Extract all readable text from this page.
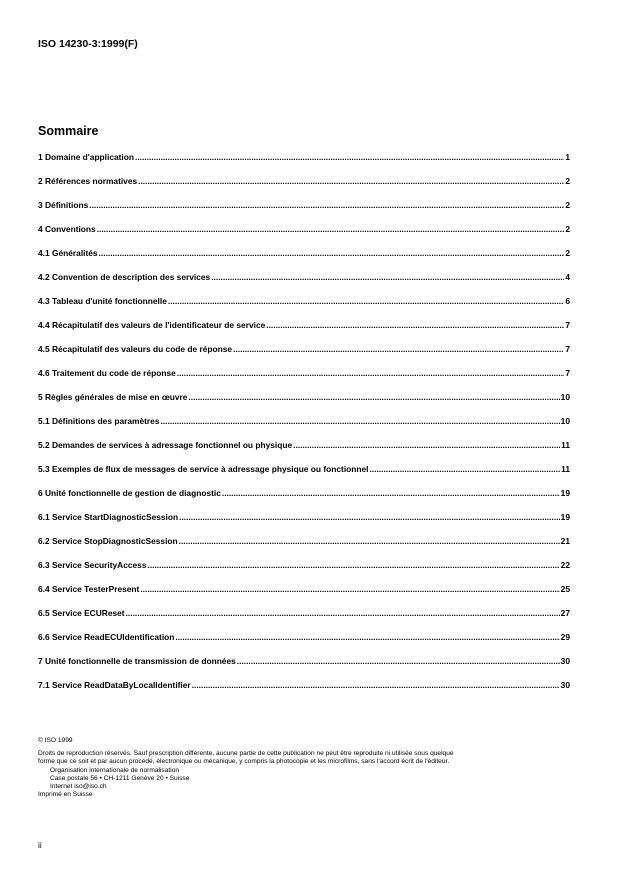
ISO 14230-3:1999(F)
Sommaire
1 Domaine d'application .....	1
2 Références normatives .....	2
3 Définitions .....	2
4 Conventions .....	2
4.1 Généralités .....	2
4.2 Convention de description des services .....	4
4.3 Tableau d'unité fonctionnelle .....	6
4.4 Récapitulatif des valeurs de l'identificateur de service .....	7
4.5 Récapitulatif des valeurs du code de réponse .....	7
4.6 Traitement du code de réponse .....	7
5 Règles générales de mise en œuvre .....	10
5.1 Définitions des paramètres .....	10
5.2 Demandes de services à adressage fonctionnel ou physique .....	11
5.3 Exemples de flux de messages de service à adressage physique ou fonctionnel .....	11
6 Unité fonctionnelle de gestion de diagnostic .....	19
6.1 Service StartDiagnosticSession .....	19
6.2 Service StopDiagnosticSession .....	21
6.3 Service SecurityAccess .....	22
6.4 Service TesterPresent .....	25
6.5 Service ECUReset .....	27
6.6 Service ReadECUIdentification .....	29
7 Unité fonctionnelle de transmission de données .....	30
7.1 Service ReadDataByLocalIdentifier .....	30
© ISO 1999
Droits de reproduction réservés. Sauf prescription différente, aucune partie de cette publication ne peut être reproduite ni utilisée sous quelque
forme que ce soit et par aucun procédé, électronique ou mécanique, y compris la photocopie et les microfilms, sans l'accord écrit de l'éditeur.
Organisation internationale de normalisation
Case postale 56 • CH-1211 Genève 20 • Suisse
Internet iso@iso.ch
Imprimé en Suisse
ii
